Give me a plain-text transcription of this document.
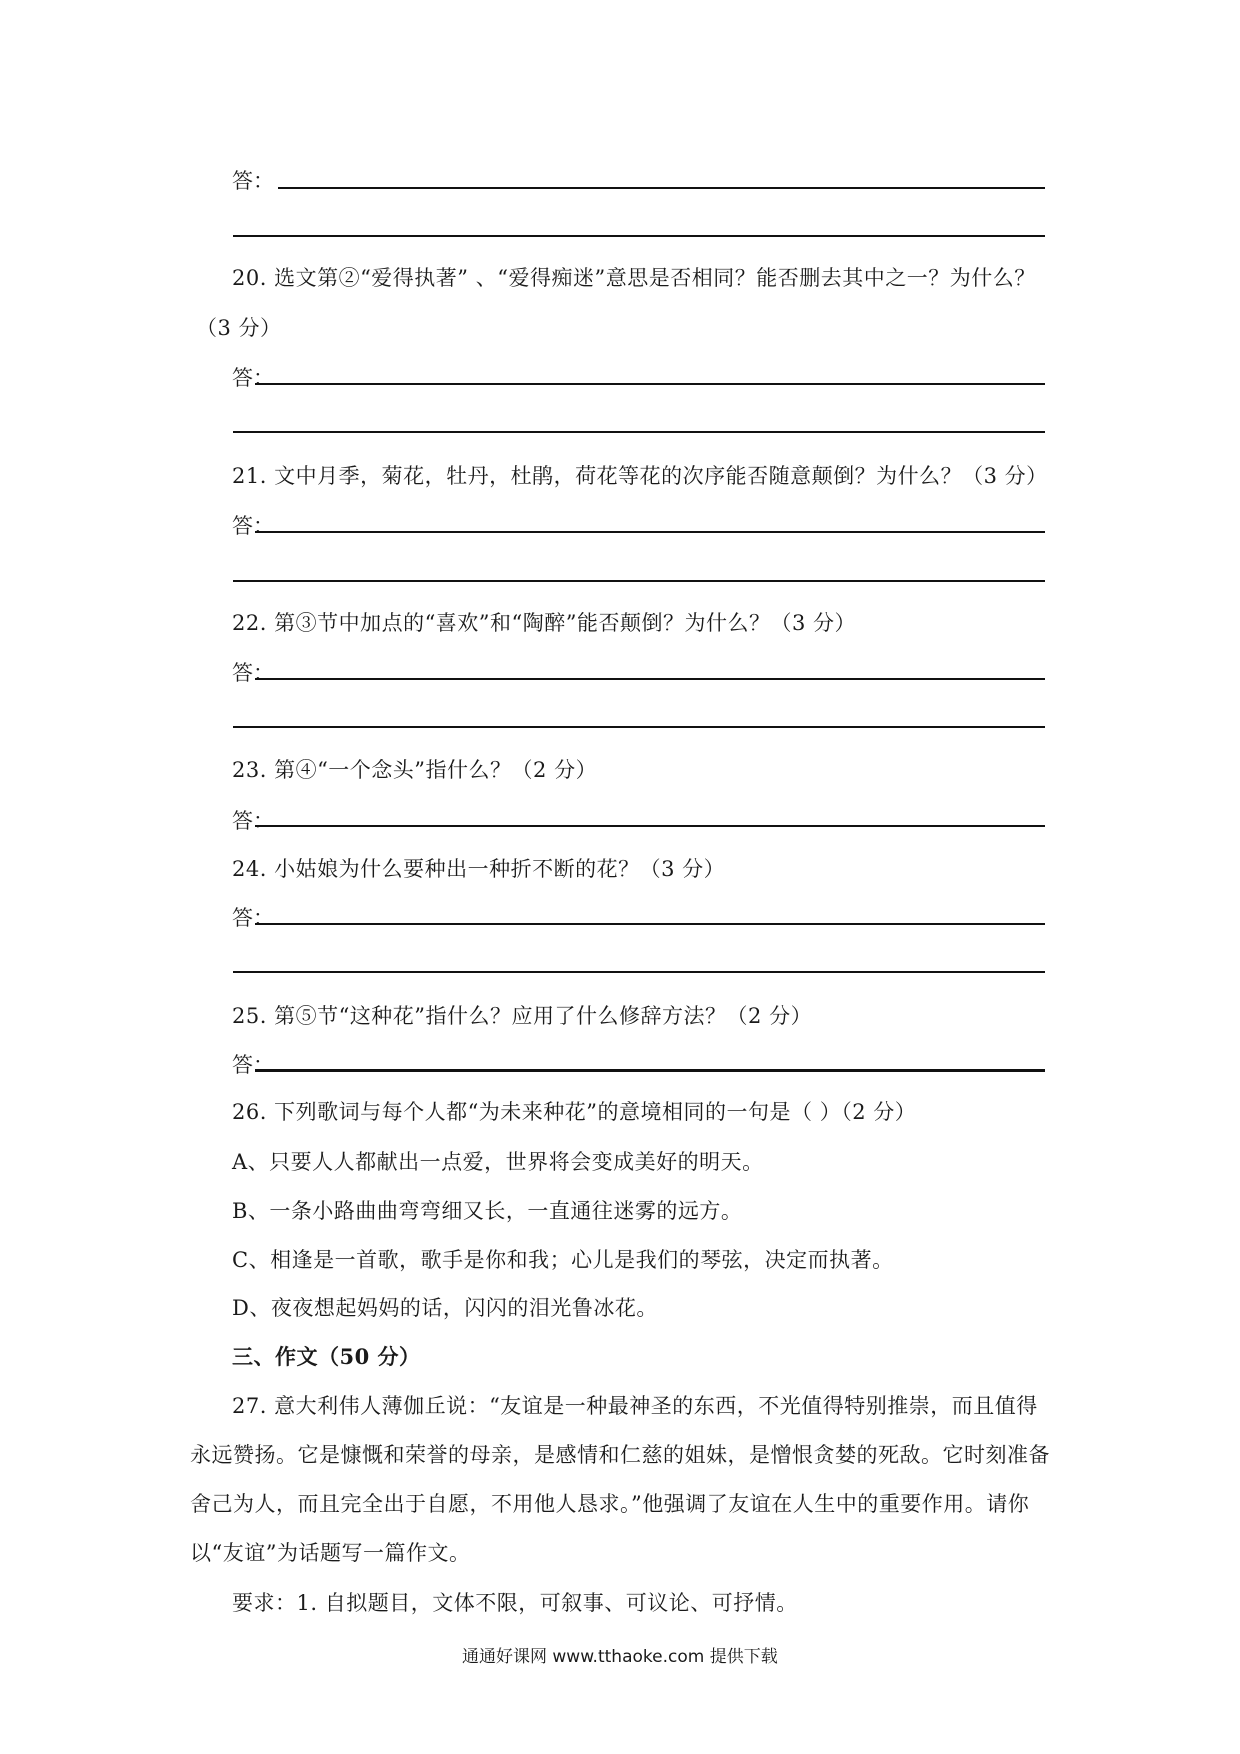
答：
20. 选文第②“爱得执著” 、“爱得痴迷”意思是否相同？能否删去其中之一？为什么？
（3 分）
答：
21. 文中月季，菊花，牡丹，杜鹃，荷花等花的次序能否随意颠倒？为什么？（3 分）
答：
22. 第③节中加点的“喜欢”和“陶醉”能否颠倒？为什么？（3 分）
答：
23. 第④“一个念头”指什么？（2 分）
答：
24. 小姑娘为什么要种出一种折不断的花？（3 分）
答：
25. 第⑤节“这种花”指什么？应用了什么修辞方法？（2 分）
答：
26. 下列歌词与每个人都“为未来种花”的意境相同的一句是（ ）（2 分）
A、只要人人都献出一点爱，世界将会变成美好的明天。
B、一条小路曲曲弯弯细又长，一直通往迷雾的远方。
C、相逢是一首歌，歌手是你和我；心儿是我们的琴弦，决定而执著。
D、夜夜想起妈妈的话，闪闪的泪光鲁冰花。
三、作文（50 分）
27. 意大利伟人薄伽丘说：“友谊是一种最神圣的东西，不光值得特别推崇，而且值得
永远赞扬。它是慷慨和荣誉的母亲，是感情和仁慈的姐妹，是憎恨贪婪的死敌。它时刻准备
舍己为人，而且完全出于自愿，不用他人恳求。”他强调了友谊在人生中的重要作用。请你
以“友谊”为话题写一篇作文。
要求：1. 自拟题目，文体不限，可叙事、可议论、可抒情。
通通好课网 www.tthaoke.com 提供下载
